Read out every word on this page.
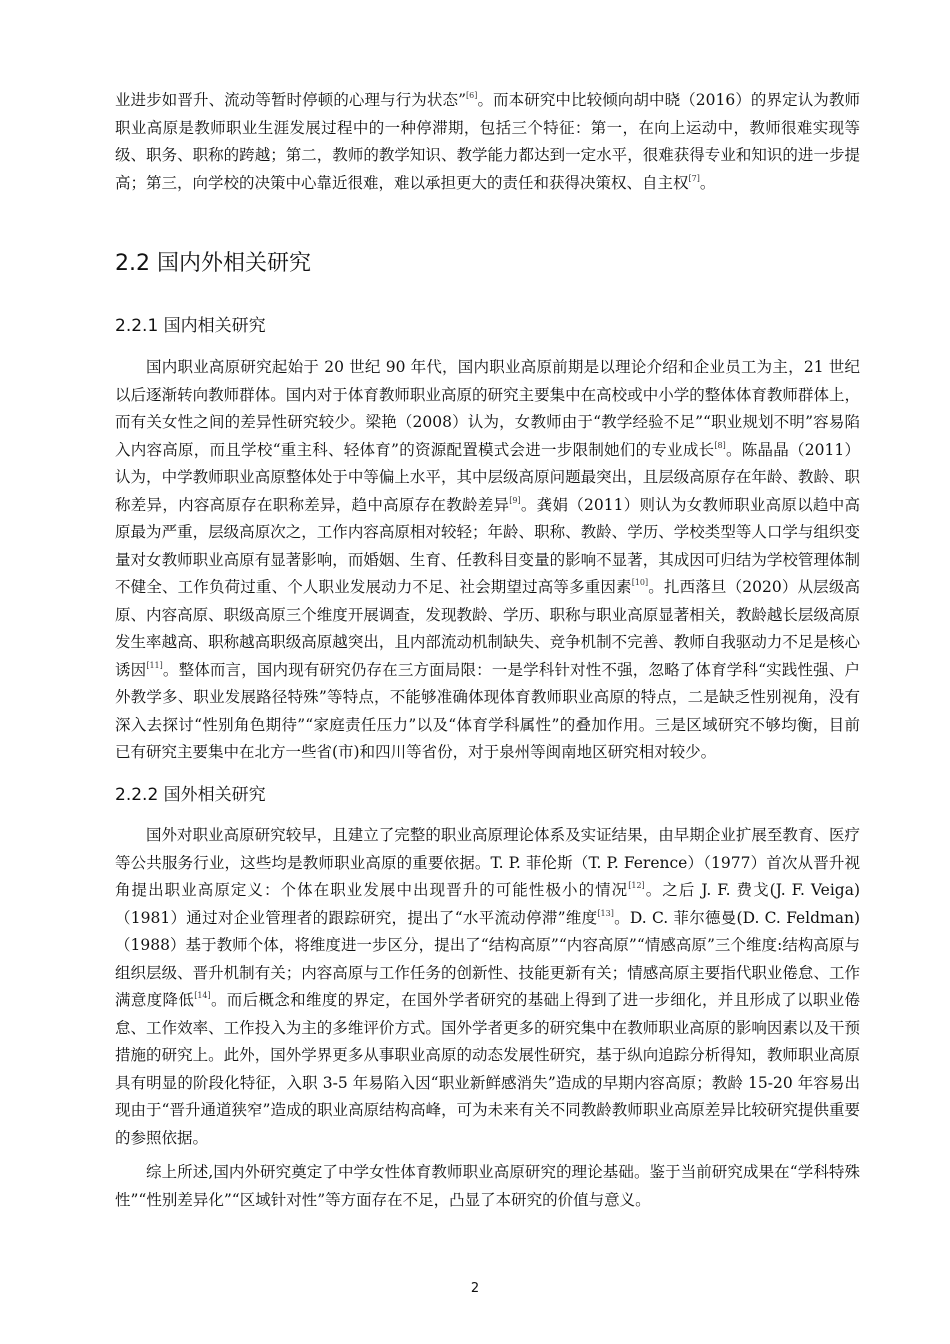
业进步如晋升、流动等暂时停顿的心理与行为状态”[6]。而本研究中比较倾向胡中晓（2016）的界定认为教师职业高原是教师职业生涯发展过程中的一种停滞期，包括三个特征：第一，在向上运动中，教师很难实现等级、职务、职称的跨越；第二，教师的教学知识、教学能力都达到一定水平，很难获得专业和知识的进一步提高；第三，向学校的决策中心靠近很难，难以承担更大的责任和获得决策权、自主权[7]。

2.2 国内外相关研究
2.2.1 国内相关研究

国内职业高原研究起始于 20 世纪 90 年代，国内职业高原前期是以理论介绍和企业员工为主，21 世纪以后逐渐转向教师群体。国内对于体育教师职业高原的研究主要集中在高校或中小学的整体体育教师群体上，而有关女性之间的差异性研究较少。梁艳（2008）认为，女教师由于“教学经验不足”“职业规划不明”容易陷入内容高原，而且学校“重主科、轻体育”的资源配置模式会进一步限制她们的专业成长[8]。陈晶晶（2011）认为，中学教师职业高原整体处于中等偏上水平，其中层级高原问题最突出，且层级高原存在年龄、教龄、职称差异，内容高原存在职称差异，趋中高原存在教龄差异[9]。龚娟（2011）则认为女教师职业高原以趋中高原最为严重，层级高原次之，工作内容高原相对较轻；年龄、职称、教龄、学历、学校类型等人口学与组织变量对女教师职业高原有显著影响，而婚姻、生育、任教科目变量的影响不显著，其成因可归结为学校管理体制不健全、工作负荷过重、个人职业发展动力不足、社会期望过高等多重因素[10]。扎西落旦（2020）从层级高原、内容高原、职级高原三个维度开展调查，发现教龄、学历、职称与职业高原显著相关，教龄越长层级高原发生率越高、职称越高职级高原越突出，且内部流动机制缺失、竞争机制不完善、教师自我驱动力不足是核心诱因[11]。整体而言，国内现有研究仍存在三方面局限：一是学科针对性不强，忽略了体育学科“实践性强、户外教学多、职业发展路径特殊”等特点，不能够准确体现体育教师职业高原的特点，二是缺乏性别视角，没有深入去探讨“性别角色期待”“家庭责任压力”以及“体育学科属性”的叠加作用。三是区域研究不够均衡，目前已有研究主要集中在北方一些省(市)和四川等省份，对于泉州等闽南地区研究相对较少。

2.2.2 国外相关研究

国外对职业高原研究较早，且建立了完整的职业高原理论体系及实证结果，由早期企业扩展至教育、医疗等公共服务行业，这些均是教师职业高原的重要依据。T. P. 菲伦斯（T. P. Ference）（1977）首次从晋升视角提出职业高原定义：个体在职业发展中出现晋升的可能性极小的情况[12]。之后 J. F. 费戈(J. F. Veiga)（1981）通过对企业管理者的跟踪研究，提出了“水平流动停滞”维度[13]。D. C. 菲尔德曼(D. C. Feldman)（1988）基于教师个体，将维度进一步区分，提出了“结构高原”“内容高原”“情感高原”三个维度:结构高原与组织层级、晋升机制有关；内容高原与工作任务的创新性、技能更新有关；情感高原主要指代职业倦怠、工作满意度降低[14]。而后概念和维度的界定，在国外学者研究的基础上得到了进一步细化，并且形成了以职业倦怠、工作效率、工作投入为主的多维评价方式。国外学者更多的研究集中在教师职业高原的影响因素以及干预措施的研究上。此外，国外学界更多从事职业高原的动态发展性研究，基于纵向追踪分析得知，教师职业高原具有明显的阶段化特征，入职 3-5 年易陷入因“职业新鲜感消失”造成的早期内容高原；教龄 15-20 年容易出现由于“晋升通道狭窄”造成的职业高原结构高峰，可为未来有关不同教龄教师职业高原差异比较研究提供重要的参照依据。

综上所述,国内外研究奠定了中学女性体育教师职业高原研究的理论基础。鉴于当前研究成果在“学科特殊性”“性别差异化”“区域针对性”等方面存在不足，凸显了本研究的价值与意义。

2
